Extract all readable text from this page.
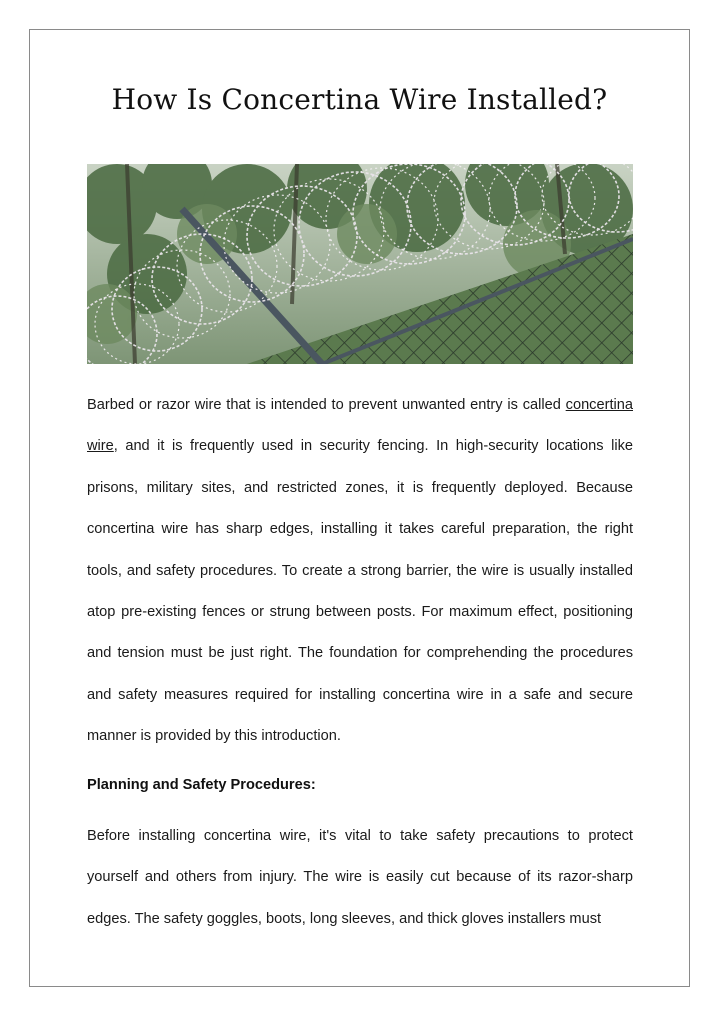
How Is Concertina Wire Installed?

Barbed or razor wire that is intended to prevent unwanted entry is called concertina wire, and it is frequently used in security fencing. In high-security locations like prisons, military sites, and restricted zones, it is frequently deployed. Because concertina wire has sharp edges, installing it takes careful preparation, the right tools, and safety procedures. To create a strong barrier, the wire is usually installed atop pre-existing fences or strung between posts. For maximum effect, positioning and tension must be just right. The foundation for comprehending the procedures and safety measures required for installing concertina wire in a safe and secure manner is provided by this introduction.

Planning and Safety Procedures:

Before installing concertina wire, it's vital to take safety precautions to protect yourself and others from injury. The wire is easily cut because of its razor-sharp edges. The safety goggles, boots, long sleeves, and thick gloves installers must
